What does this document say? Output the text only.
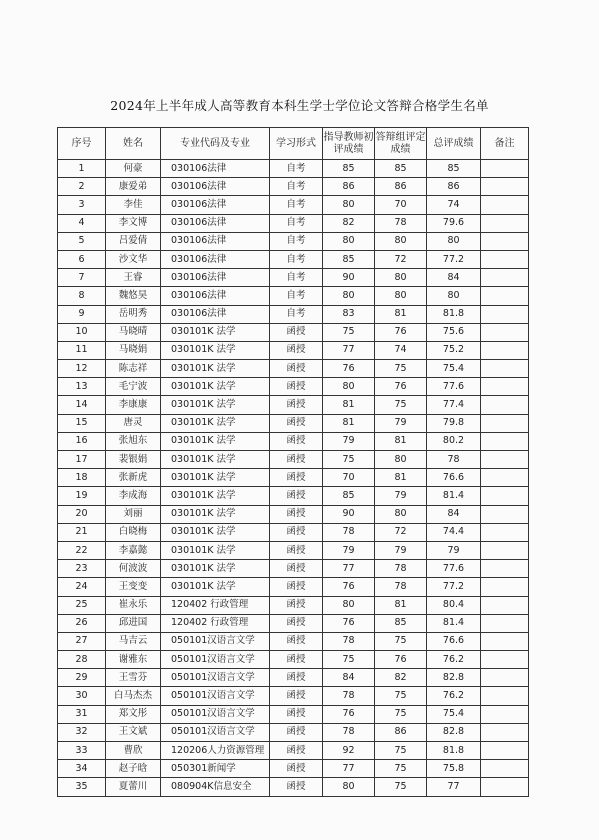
2024年上半年成人高等教育本科生学士学位论文答辩合格学生名单
序号	姓名	专业代码及专业	学习形式	指导教师初评成绩	答辩组评定成绩	总评成绩	备注
1	何豪	030106法律	自考	85	85	85	
2	康爱弟	030106法律	自考	86	86	86	
3	李佳	030106法律	自考	80	70	74	
4	李文博	030106法律	自考	82	78	79.6	
5	吕爱倩	030106法律	自考	80	80	80	
6	沙文华	030106法律	自考	85	72	77.2	
7	王睿	030106法律	自考	90	80	84	
8	魏悠昊	030106法律	自考	80	80	80	
9	岳明秀	030106法律	自考	83	81	81.8	
10	马晓晴	030101K 法学	函授	75	76	75.6	
11	马晓娟	030101K 法学	函授	77	74	75.2	
12	陈志祥	030101K 法学	函授	76	75	75.4	
13	毛宁波	030101K 法学	函授	80	76	77.6	
14	李康康	030101K 法学	函授	81	75	77.4	
15	唐灵	030101K 法学	函授	81	79	79.8	
16	张旭东	030101K 法学	函授	79	81	80.2	
17	裴银娟	030101K 法学	函授	75	80	78	
18	张新虎	030101K 法学	函授	70	81	76.6	
19	李成海	030101K 法学	函授	85	79	81.4	
20	刘丽	030101K 法学	函授	90	80	84	
21	白晓梅	030101K 法学	函授	78	72	74.4	
22	李嘉懿	030101K 法学	函授	79	79	79	
23	何波波	030101K 法学	函授	77	78	77.6	
24	王变变	030101K 法学	函授	76	78	77.2	
25	崔永乐	120402 行政管理	函授	80	81	80.4	
26	邱进国	120402 行政管理	函授	76	85	81.4	
27	马吉云	050101汉语言文学	函授	78	75	76.6	
28	谢雅东	050101汉语言文学	函授	75	76	76.2	
29	王雪芬	050101汉语言文学	函授	84	82	82.8	
30	白马杰杰	050101汉语言文学	函授	78	75	76.2	
31	郑文彤	050101汉语言文学	函授	76	75	75.4	
32	王文斌	050101汉语言文学	函授	78	86	82.8	
33	曹欣	120206人力资源管理	函授	92	75	81.8	
34	赵子晗	050301新闻学	函授	77	75	75.8	
35	夏蕾川	080904K信息安全	函授	80	75	77	
